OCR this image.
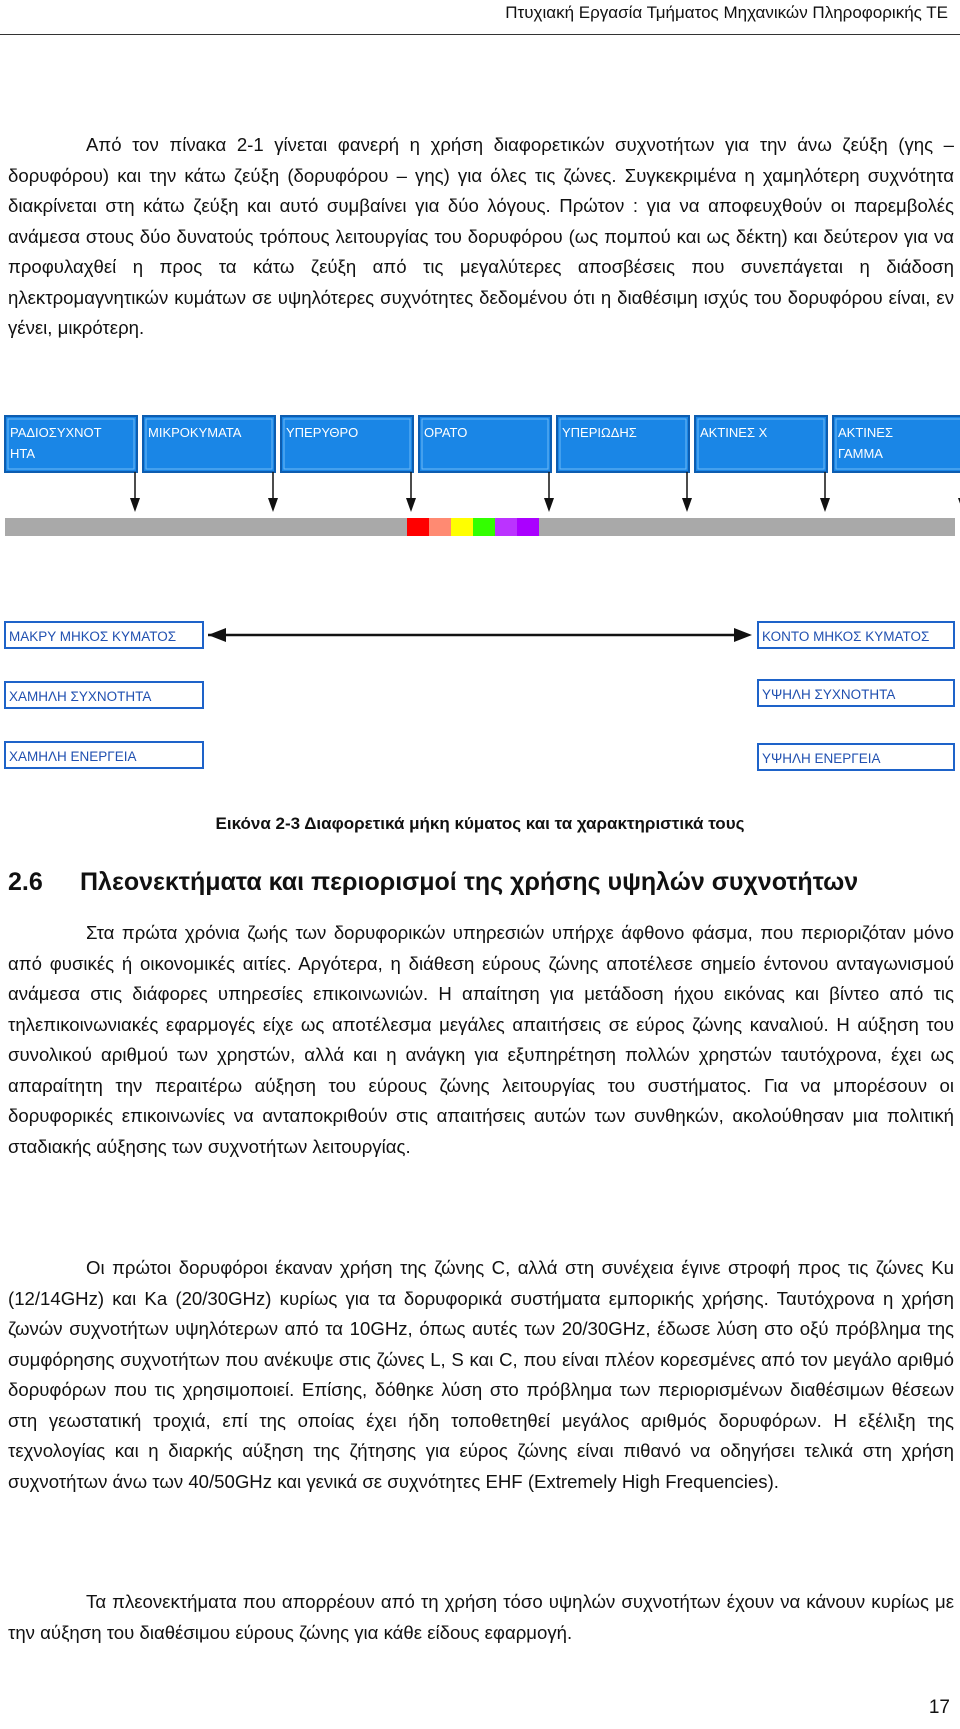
Πτυχιακή Εργασία Τμήματος Μηχανικών Πληροφορικής ΤΕ

Από τον πίνακα 2-1 γίνεται φανερή η χρήση διαφορετικών συχνοτήτων για την άνω ζεύξη (γης – δορυφόρου) και την κάτω ζεύξη (δορυφόρου – γης) για όλες τις ζώνες. Συγκεκριμένα η χαμηλότερη συχνότητα διακρίνεται στη κάτω ζεύξη και αυτό συμβαίνει για δύο λόγους. Πρώτον : για να αποφευχθούν οι παρεμβολές ανάμεσα στους δύο δυνατούς τρόπους λειτουργίας του δορυφόρου (ως πομπού και ως δέκτη) και δεύτερον για να προφυλαχθεί η προς τα κάτω ζεύξη από τις μεγαλύτερες αποσβέσεις που συνεπάγεται η διάδοση ηλεκτρομαγνητικών κυμάτων σε υψηλότερες συχνότητες δεδομένου ότι η διαθέσιμη ισχύς του δορυφόρου είναι, εν γένει, μικρότερη.

ΡΑΔΙΟΣΥΧΝΟΤ
ΗΤΑ
ΜΙΚΡΟΚΥΜΑΤΑ	ΥΠΕΡΥΘΡΟ	ΟΡΑΤΟ	ΥΠΕΡΙΩΔΗΣ	ΑΚΤΙΝΕΣ Χ	ΑΚΤΙΝΕΣ
ΓΑΜΜΑ
ΜΑΚΡΥ ΜΗΚΟΣ ΚΥΜΑΤΟΣ	ΚΟΝΤΟ ΜΗΚΟΣ ΚΥΜΑΤΟΣ
ΧΑΜΗΛΗ ΣΥΧΝΟΤΗΤΑ	ΥΨΗΛΗ ΣΥΧΝΟΤΗΤΑ
ΧΑΜΗΛΗ ΕΝΕΡΓΕΙΑ	ΥΨΗΛΗ ΕΝΕΡΓΕΙΑ

Εικόνα 2-3 Διαφορετικά μήκη κύματος και τα χαρακτηριστικά τους

2.6 Πλεονεκτήματα και περιορισμοί της χρήσης υψηλών συχνοτήτων

Στα πρώτα χρόνια ζωής των δορυφορικών υπηρεσιών υπήρχε άφθονο φάσμα, που περιοριζόταν μόνο από φυσικές ή οικονομικές αιτίες. Αργότερα, η διάθεση εύρους ζώνης αποτέλεσε σημείο έντονου ανταγωνισμού ανάμεσα στις διάφορες υπηρεσίες επικοινωνιών. Η απαίτηση για μετάδοση ήχου εικόνας και βίντεο από τις τηλεπικοινωνιακές εφαρμογές είχε ως αποτέλεσμα μεγάλες απαιτήσεις σε εύρος ζώνης καναλιού. Η αύξηση του συνολικού αριθμού των χρηστών, αλλά και η ανάγκη για εξυπηρέτηση πολλών χρηστών ταυτόχρονα, έχει ως απαραίτητη την περαιτέρω αύξηση του εύρους ζώνης λειτουργίας του συστήματος. Για να μπορέσουν οι δορυφορικές επικοινωνίες να ανταποκριθούν στις απαιτήσεις αυτών των συνθηκών, ακολούθησαν μια πολιτική σταδιακής αύξησης των συχνοτήτων λειτουργίας.

Οι πρώτοι δορυφόροι έκαναν χρήση της ζώνης C, αλλά στη συνέχεια έγινε στροφή προς τις ζώνες Ku (12/14GHz) και Ka (20/30GHz) κυρίως για τα δορυφορικά συστήματα εμπορικής χρήσης. Ταυτόχρονα η χρήση ζωνών συχνοτήτων υψηλότερων από τα 10GHz, όπως αυτές των 20/30GHz, έδωσε λύση στο οξύ πρόβλημα της συμφόρησης συχνοτήτων που ανέκυψε στις ζώνες L, S και C, που είναι πλέον κορεσμένες από τον μεγάλο αριθμό δορυφόρων που τις χρησιμοποιεί. Επίσης, δόθηκε λύση στο πρόβλημα των περιορισμένων διαθέσιμων θέσεων στη γεωστατική τροχιά, επί της οποίας έχει ήδη τοποθετηθεί μεγάλος αριθμός δορυφόρων. Η εξέλιξη της τεχνολογίας και η διαρκής αύξηση της ζήτησης για εύρος ζώνης είναι πιθανό να οδηγήσει τελικά στη χρήση συχνοτήτων άνω των 40/50GHz και γενικά σε συχνότητες EHF (Extremely High Frequencies).

Τα πλεονεκτήματα που απορρέουν από τη χρήση τόσο υψηλών συχνοτήτων έχουν να κάνουν κυρίως με την αύξηση του διαθέσιμου εύρους ζώνης για κάθε είδους εφαρμογή.

17
